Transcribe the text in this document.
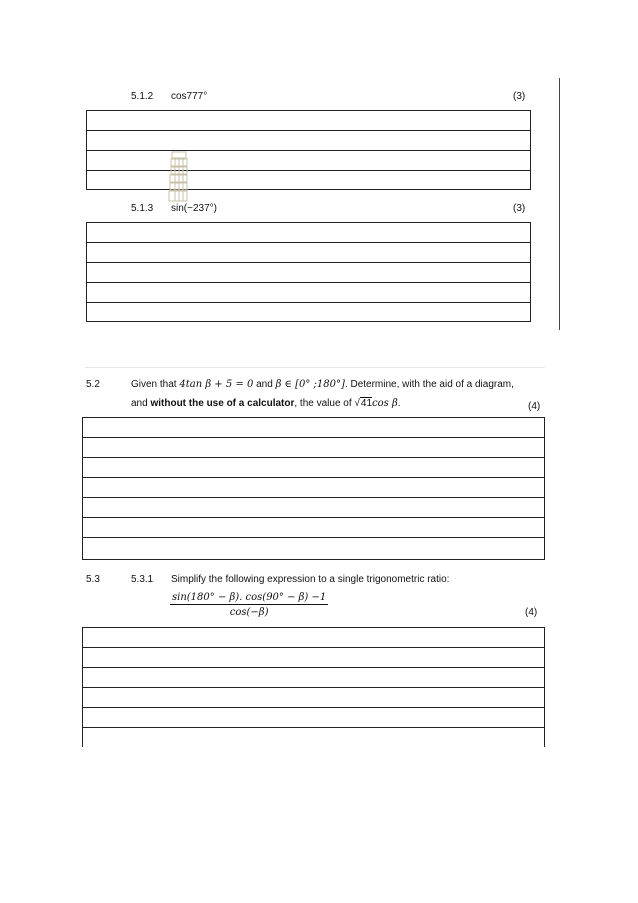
5.1.2 cos777°	(3)
5.1.3 sin(−237°)	(3)
5.2	Given that 4tan β + 5 = 0 and β ∈ [0° ;180°]. Determine, with the aid of a diagram,
and without the use of a calculator, the value of √41cos β.	(4)
5.3	5.3.1 Simplify the following expression to a single trigonometric ratio:
$\frac{\sin(180^\circ - \beta). \cos(90^\circ - \beta) -1}{\cos(-\beta)}$	(4)
